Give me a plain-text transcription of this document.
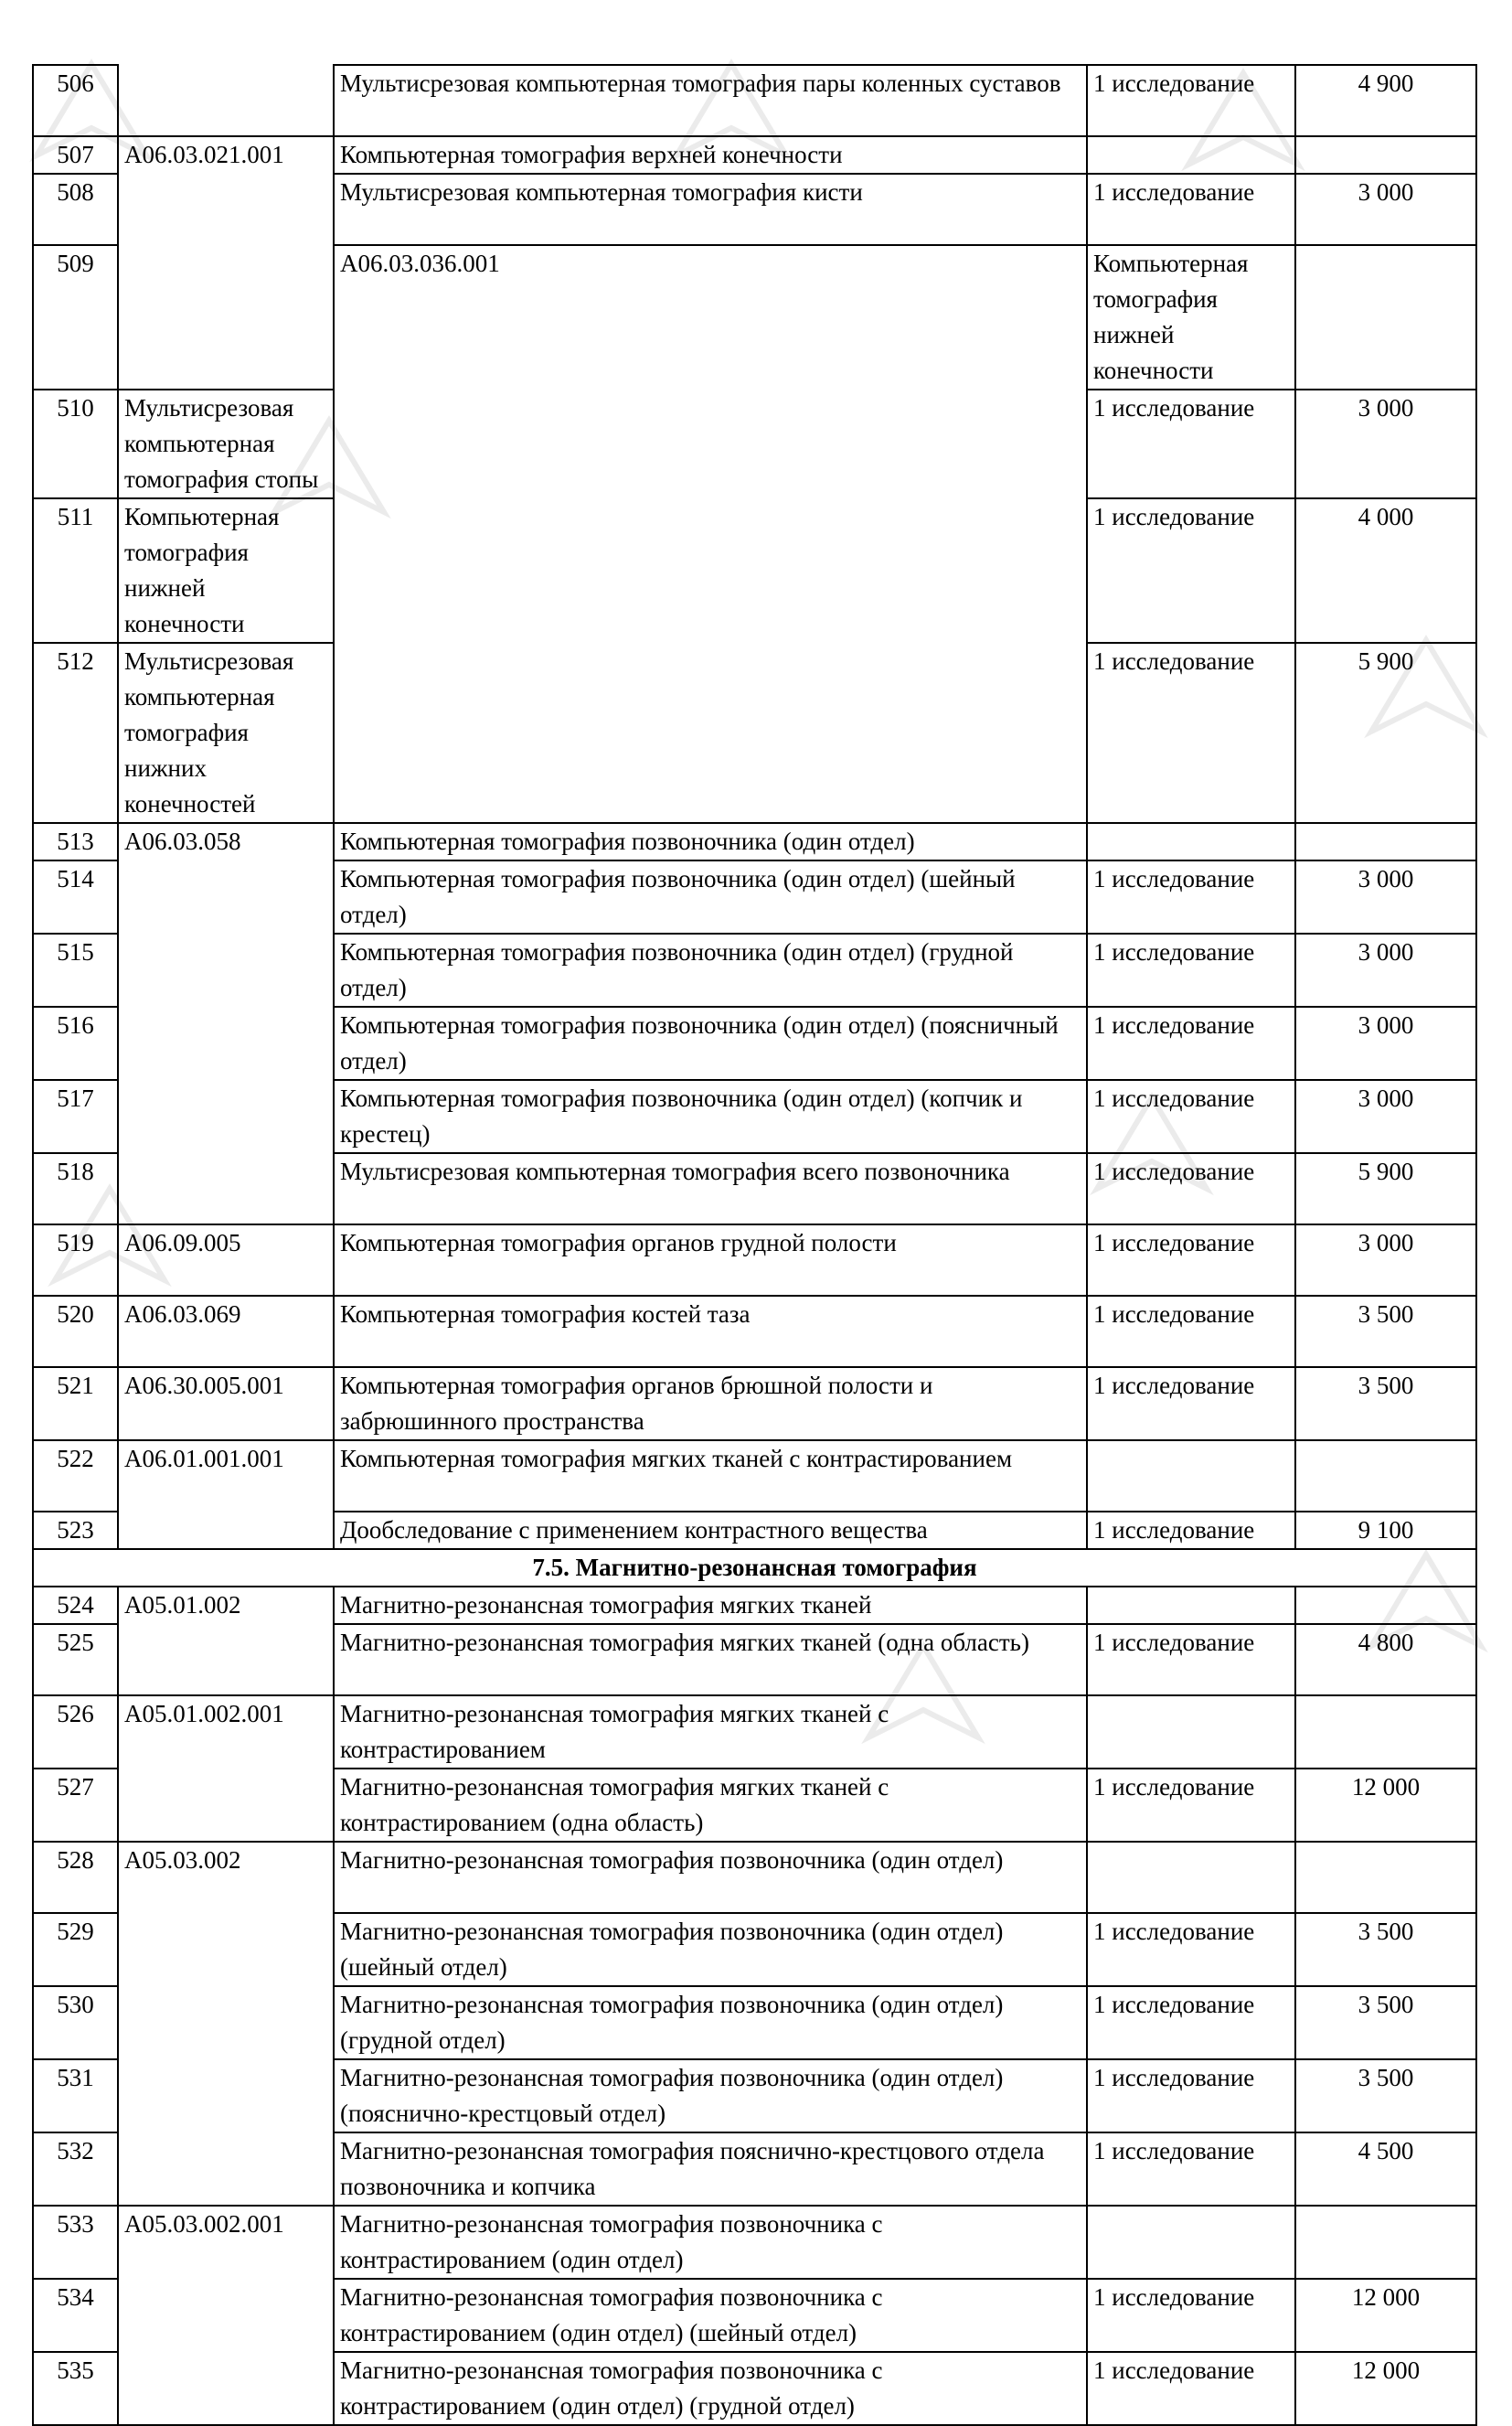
506		Мультисрезовая компьютерная томография пары коленных суставов	1 исследование	4 900	
507	A06.03.021.001	Компьютерная томография верхней конечности			
508		Мультисрезовая компьютерная томография кисти	1 исследование	3 000	
509		A06.03.036.001	Компьютерная томография нижней конечности		
510	Мультисрезовая компьютерная томография стопы		1 исследование	3 000	
511	Компьютерная томография нижней конечности		1 исследование	4 000	
512	Мультисрезовая компьютерная томография нижних конечностей		1 исследование	5 900	
513	A06.03.058	Компьютерная томография позвоночника (один отдел)			
514		Компьютерная томография позвоночника (один отдел) (шейный отдел)	1 исследование	3 000	
515		Компьютерная томография позвоночника (один отдел) (грудной отдел)	1 исследование	3 000	
516		Компьютерная томография позвоночника (один отдел) (поясничный отдел)	1 исследование	3 000	
517		Компьютерная томография позвоночника (один отдел) (копчик и крестец)	1 исследование	3 000	
518		Мультисрезовая компьютерная томография всего позвоночника	1 исследование	5 900	
519	A06.09.005	Компьютерная томография органов грудной полости	1 исследование	3 000	
520	A06.03.069	Компьютерная томография костей таза	1 исследование	3 500	
521	A06.30.005.001	Компьютерная томография органов брюшной полости и забрюшинного пространства	1 исследование	3 500	
522	A06.01.001.001	Компьютерная томография мягких тканей с контрастированием			
523		Дообследование с применением контрастного вещества	1 исследование	9 100	
7.5. Магнитно-резонансная томография					
524	A05.01.002	Магнитно-резонансная томография мягких тканей			
525		Магнитно-резонансная томография мягких тканей (одна область)	1 исследование	4 800	
526	A05.01.002.001	Магнитно-резонансная томография мягких тканей с контрастированием			
527		Магнитно-резонансная томография мягких тканей с контрастированием (одна область)	1 исследование	12 000	
528	A05.03.002	Магнитно-резонансная томография позвоночника (один отдел)			
529		Магнитно-резонансная томография позвоночника (один отдел) (шейный отдел)	1 исследование	3 500	
530		Магнитно-резонансная томография позвоночника (один отдел) (грудной отдел)	1 исследование	3 500	
531		Магнитно-резонансная томография позвоночника (один отдел) (пояснично-крестцовый отдел)	1 исследование	3 500	
532		Магнитно-резонансная томография пояснично-крестцового отдела позвоночника и копчика	1 исследование	4 500	
533	A05.03.002.001	Магнитно-резонансная томография позвоночника с контрастированием (один отдел)			
534		Магнитно-резонансная томография позвоночника с контрастированием (один отдел) (шейный отдел)	1 исследование	12 000	
535		Магнитно-резонансная томография позвоночника с контрастированием (один отдел) (грудной отдел)	1 исследование	12 000	
